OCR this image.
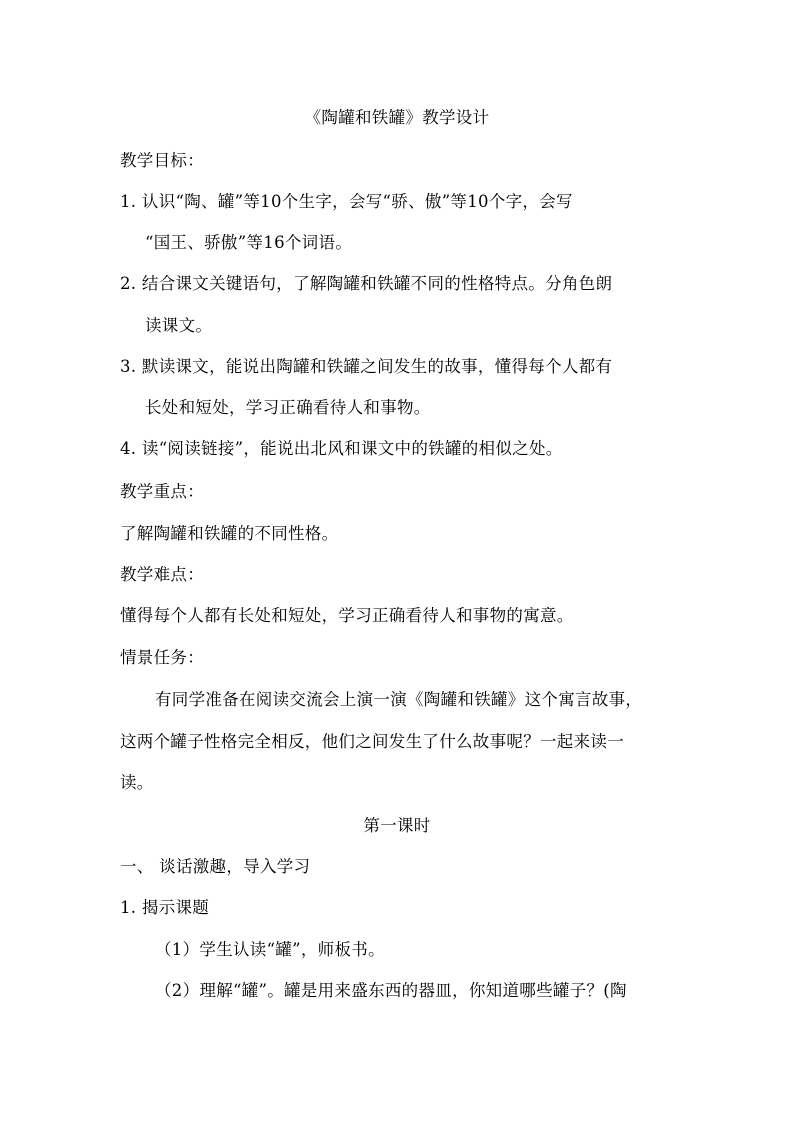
《陶罐和铁罐》教学设计
教学目标：
1. 认识“陶、罐”等10个生字，会写“骄、傲”等10个字，会写
“国王、骄傲”等16个词语。
2. 结合课文关键语句，了解陶罐和铁罐不同的性格特点。分角色朗
读课文。
3. 默读课文，能说出陶罐和铁罐之间发生的故事，懂得每个人都有
长处和短处，学习正确看待人和事物。
4. 读“阅读链接”，能说出北风和课文中的铁罐的相似之处。
教学重点：
了解陶罐和铁罐的不同性格。
教学难点：
懂得每个人都有长处和短处，学习正确看待人和事物的寓意。
情景任务：
有同学准备在阅读交流会上演一演《陶罐和铁罐》这个寓言故事，
这两个罐子性格完全相反，他们之间发生了什么故事呢？一起来读一
读。
第一课时
一、 谈话激趣，导入学习
1. 揭示课题
（1）学生认读“罐”，师板书。
（2）理解“罐”。罐是用来盛东西的器皿，你知道哪些罐子？(陶
